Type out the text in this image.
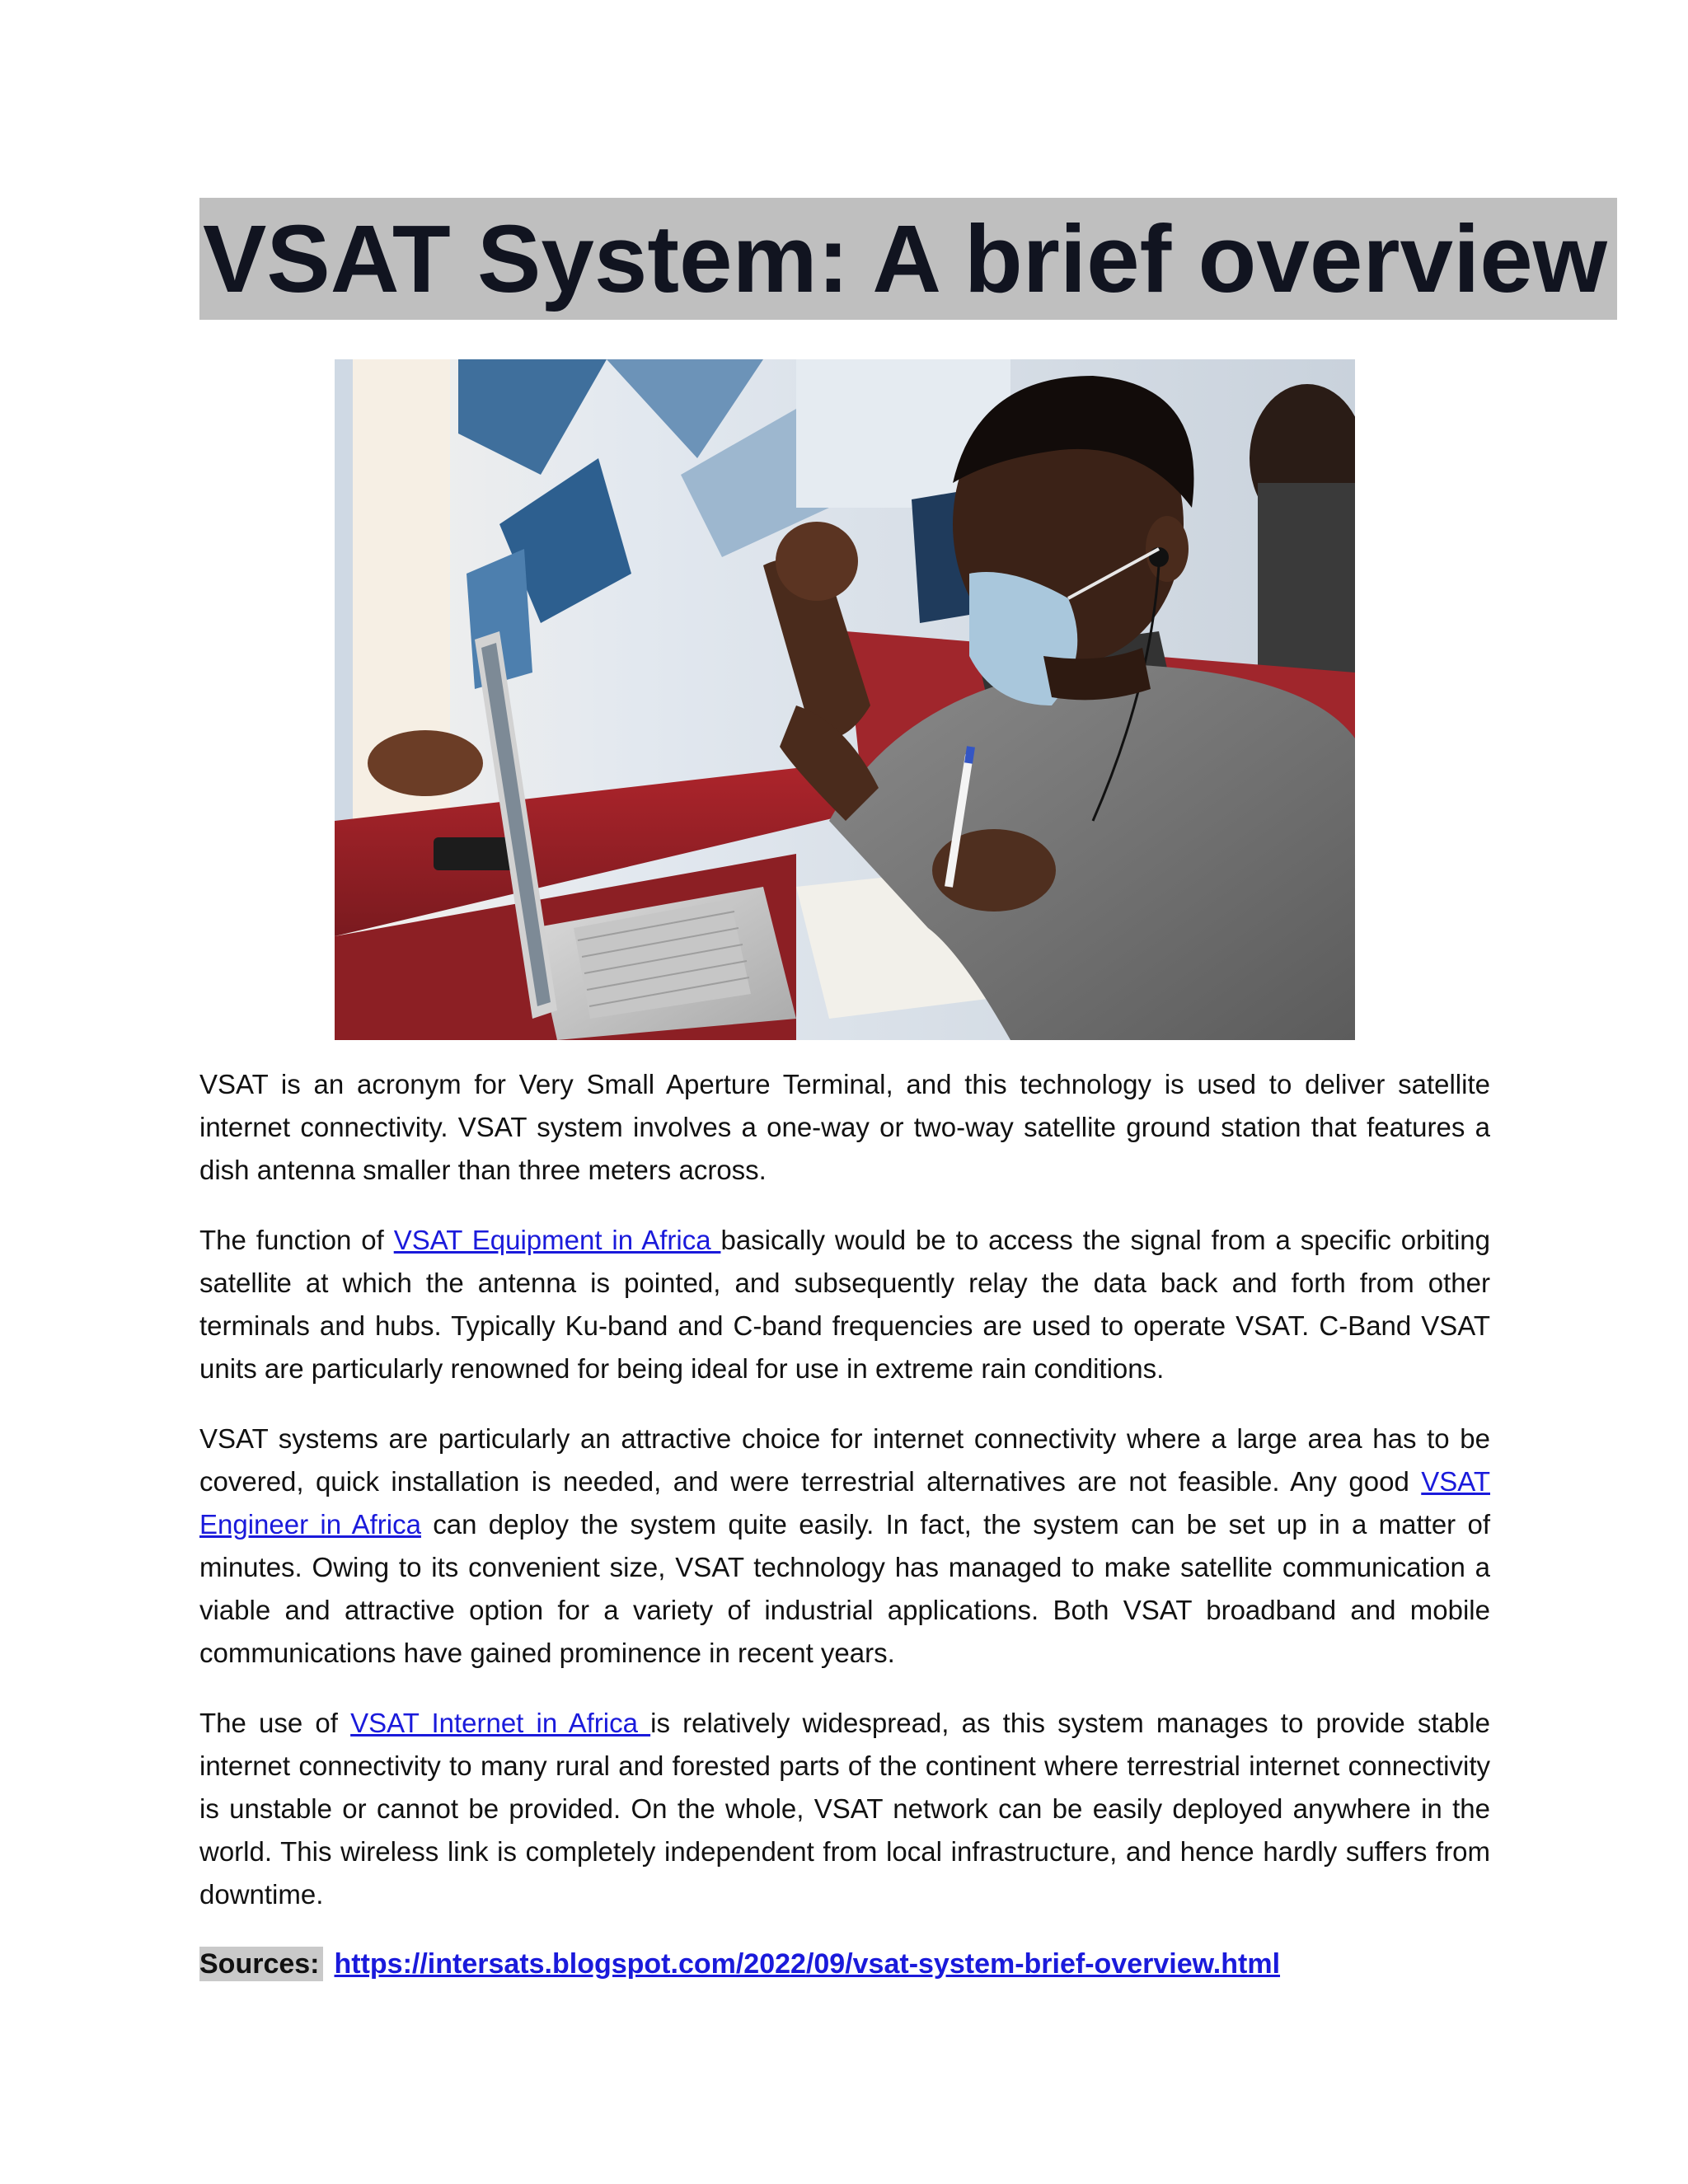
VSAT System: A brief overview

VSAT is an acronym for Very Small Aperture Terminal, and this technology is used to deliver satellite internet connectivity. VSAT system involves a one-way or two-way satellite ground station that features a dish antenna smaller than three meters across.

The function of VSAT Equipment in Africa basically would be to access the signal from a specific orbiting satellite at which the antenna is pointed, and subsequently relay the data back and forth from other terminals and hubs. Typically Ku-band and C-band frequencies are used to operate VSAT. C-Band VSAT units are particularly renowned for being ideal for use in extreme rain conditions.

VSAT systems are particularly an attractive choice for internet connectivity where a large area has to be covered, quick installation is needed, and were terrestrial alternatives are not feasible. Any good VSAT Engineer in Africa can deploy the system quite easily. In fact, the system can be set up in a matter of minutes. Owing to its convenient size, VSAT technology has managed to make satellite communication a viable and attractive option for a variety of industrial applications. Both VSAT broadband and mobile communications have gained prominence in recent years.

The use of VSAT Internet in Africa is relatively widespread, as this system manages to provide stable internet connectivity to many rural and forested parts of the continent where terrestrial internet connectivity is unstable or cannot be provided. On the whole, VSAT network can be easily deployed anywhere in the world. This wireless link is completely independent from local infrastructure, and hence hardly suffers from downtime.

Sources: https://intersats.blogspot.com/2022/09/vsat-system-brief-overview.html
